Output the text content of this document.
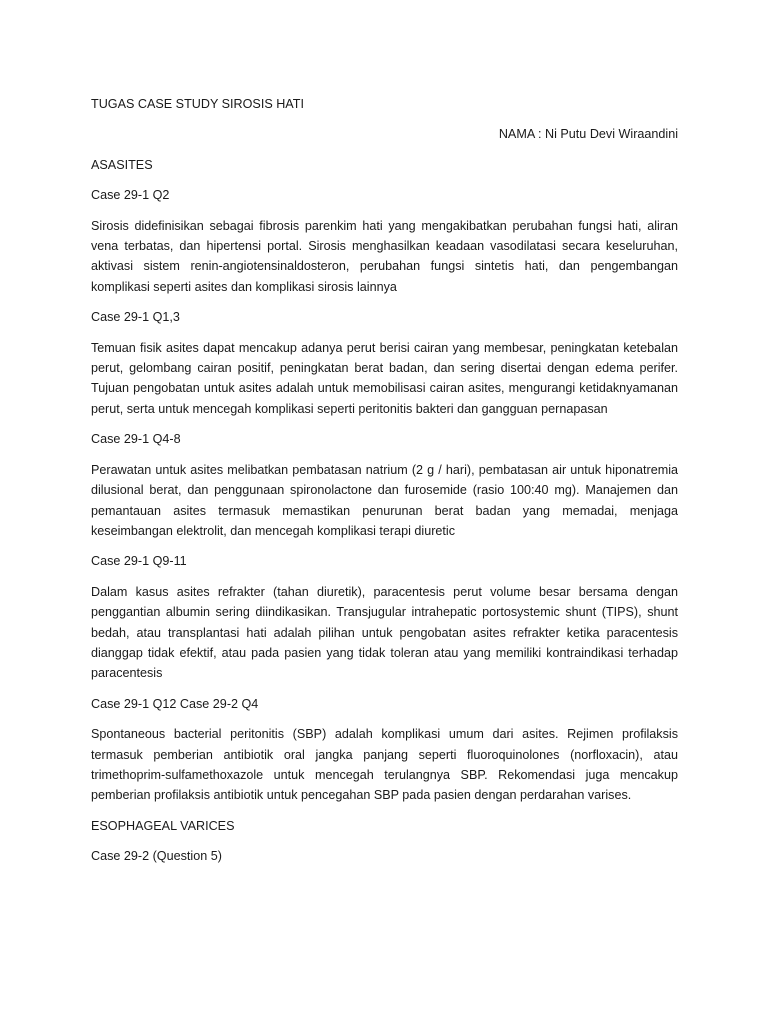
TUGAS CASE STUDY SIROSIS HATI
NAMA : Ni Putu Devi Wiraandini
ASASITES
Case 29-1 Q2
Sirosis didefinisikan sebagai fibrosis parenkim hati yang mengakibatkan perubahan fungsi hati, aliran vena terbatas, dan hipertensi portal. Sirosis menghasilkan keadaan vasodilatasi secara keseluruhan, aktivasi sistem renin-angiotensinaldosteron, perubahan fungsi sintetis hati, dan pengembangan komplikasi seperti asites dan komplikasi sirosis lainnya
Case 29-1 Q1,3
Temuan fisik asites dapat mencakup adanya perut berisi cairan yang membesar, peningkatan ketebalan perut, gelombang cairan positif, peningkatan berat badan, dan sering disertai dengan edema perifer. Tujuan pengobatan untuk asites adalah untuk memobilisasi cairan asites, mengurangi ketidaknyamanan perut, serta untuk mencegah komplikasi seperti peritonitis bakteri dan gangguan pernapasan
Case 29-1 Q4-8
Perawatan untuk asites melibatkan pembatasan natrium (2 g / hari), pembatasan air untuk hiponatremia dilusional berat, dan penggunaan spironolactone dan furosemide (rasio 100:40 mg). Manajemen dan pemantauan asites termasuk memastikan penurunan berat badan yang memadai, menjaga keseimbangan elektrolit, dan mencegah komplikasi terapi diuretic
Case 29-1 Q9-11
Dalam kasus asites refrakter (tahan diuretik), paracentesis perut volume besar bersama dengan penggantian albumin sering diindikasikan. Transjugular intrahepatic portosystemic shunt (TIPS), shunt bedah, atau transplantasi hati adalah pilihan untuk pengobatan asites refrakter ketika paracentesis dianggap tidak efektif, atau pada pasien yang tidak toleran atau yang memiliki kontraindikasi terhadap paracentesis
Case 29-1 Q12 Case 29-2 Q4
Spontaneous bacterial peritonitis (SBP) adalah komplikasi umum dari asites. Rejimen profilaksis termasuk pemberian antibiotik oral jangka panjang seperti fluoroquinolones (norfloxacin), atau trimethoprim-sulfamethoxazole untuk mencegah terulangnya SBP. Rekomendasi juga mencakup pemberian profilaksis antibiotik untuk pencegahan SBP pada pasien dengan perdarahan varises.
ESOPHAGEAL VARICES
Case 29-2 (Question 5)
